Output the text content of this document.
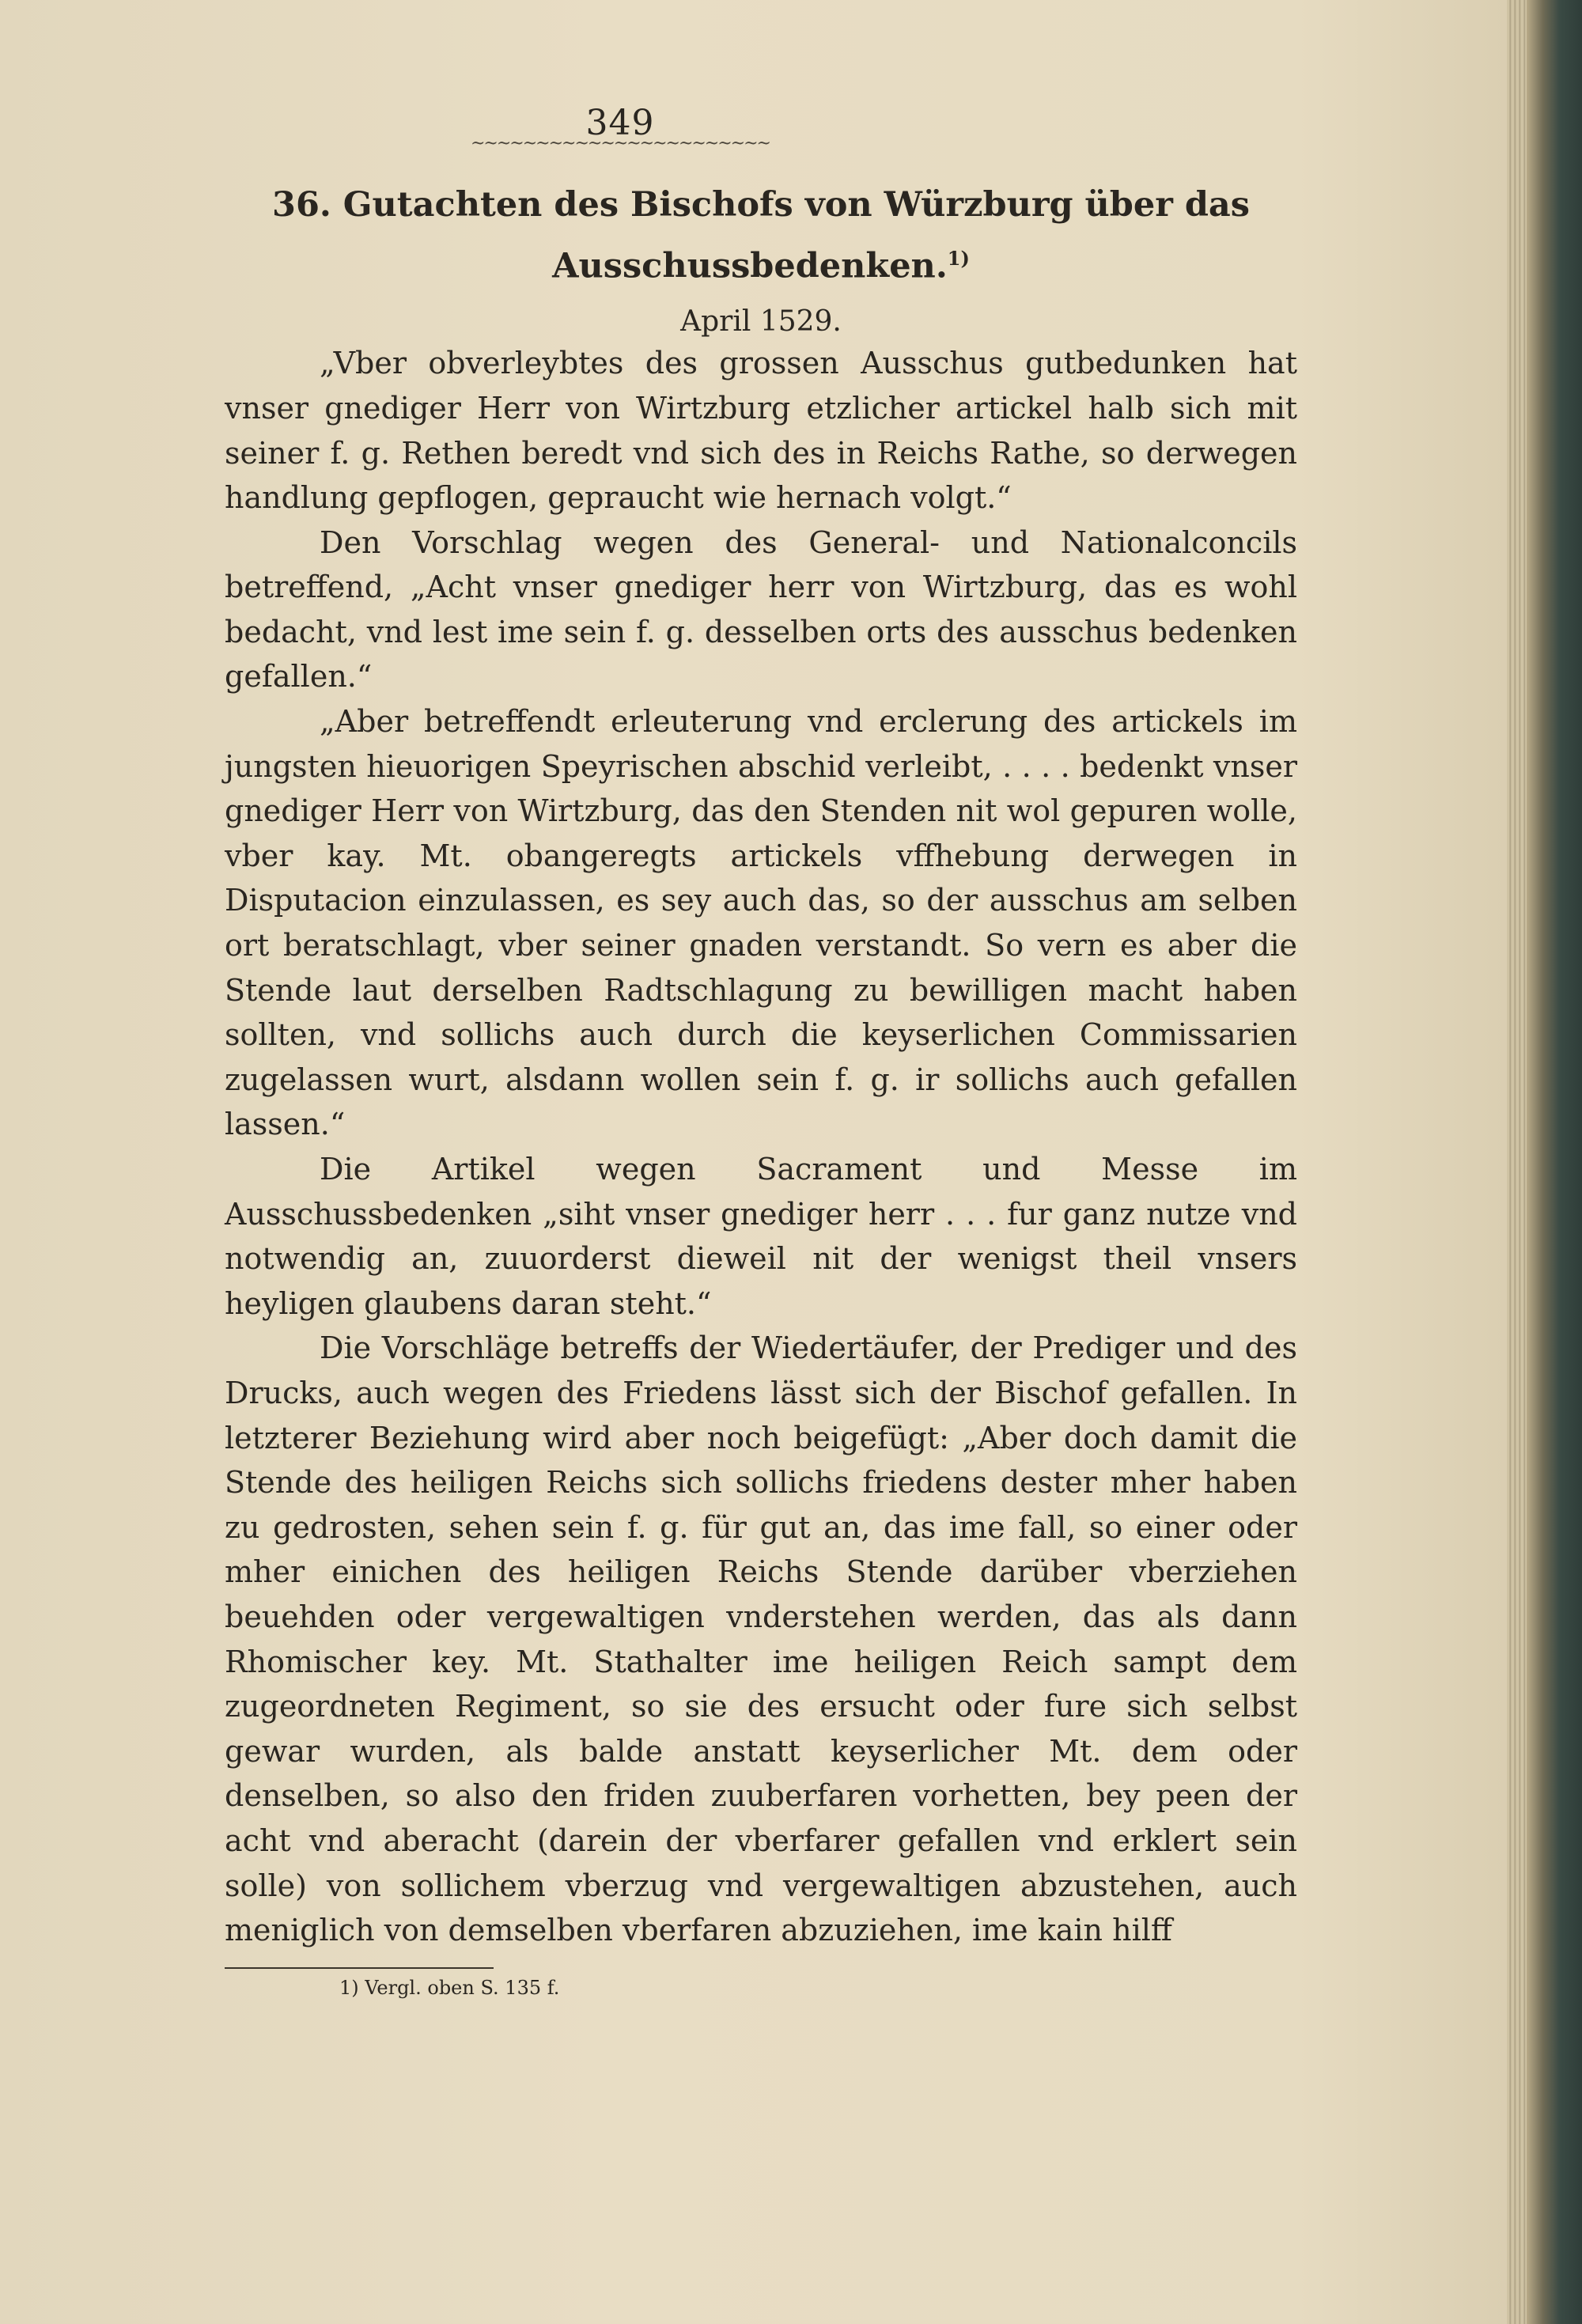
349
~~~~~~~~~~~~~~~~~~~~~~~
36. Gutachten des Bischofs von Würzburg über das Ausschussbedenken.$^{1)}$
April 1529.

„Vber obverleybtes des grossen Ausschus gutbedunken hat vnser gnediger Herr von Wirtzburg etzlicher artickel halb sich mit seiner f. g. Rethen beredt vnd sich des in Reichs Rathe, so derwegen handlung gepflogen, gepraucht wie hernach volgt.“

Den Vorschlag wegen des General- und Nationalconcils betreffend, „Acht vnser gnediger herr von Wirtzburg, das es wohl bedacht, vnd lest ime sein f. g. desselben orts des ausschus bedenken gefallen.“

„Aber betreffendt erleuterung vnd erclerung des artickels im jungsten hieuorigen Speyrischen abschid verleibt, . . . . bedenkt vnser gnediger Herr von Wirtzburg, das den Stenden nit wol gepuren wolle, vber kay. Mt. obangeregts artickels vffhebung derwegen in Disputacion einzulassen, es sey auch das, so der ausschus am selben ort beratschlagt, vber seiner gnaden verstandt. So vern es aber die Stende laut derselben Radtschlagung zu bewilligen macht haben sollten, vnd sollichs auch durch die keyserlichen Commissarien zugelassen wurt, alsdann wollen sein f. g. ir sollichs auch gefallen lassen.“

Die Artikel wegen Sacrament und Messe im Ausschussbedenken „siht vnser gnediger herr . . . fur ganz nutze vnd notwendig an, zuuorderst dieweil nit der wenigst theil vnsers heyligen glaubens daran steht.“

Die Vorschläge betreffs der Wiedertäufer, der Prediger und des Drucks, auch wegen des Friedens lässt sich der Bischof gefallen. In letzterer Beziehung wird aber noch beigefügt: „Aber doch damit die Stende des heiligen Reichs sich sollichs friedens dester mher haben zu gedrosten, sehen sein f. g. für gut an, das ime fall, so einer oder mher einichen des heiligen Reichs Stende darüber vberziehen beuehden oder vergewaltigen vnderstehen werden, das als dann Rhomischer key. Mt. Stathalter ime heiligen Reich sampt dem zugeordneten Regiment, so sie des ersucht oder fure sich selbst gewar wurden, als balde anstatt keyserlicher Mt. dem oder denselben, so also den friden zuuberfaren vorhetten, bey peen der acht vnd aberacht (darein der vberfarer gefallen vnd erklert sein solle) von sollichem vberzug vnd vergewaltigen abzustehen, auch meniglich von demselben vberfaren abzuziehen, ime kain hilff

1) Vergl. oben S. 135 f.
